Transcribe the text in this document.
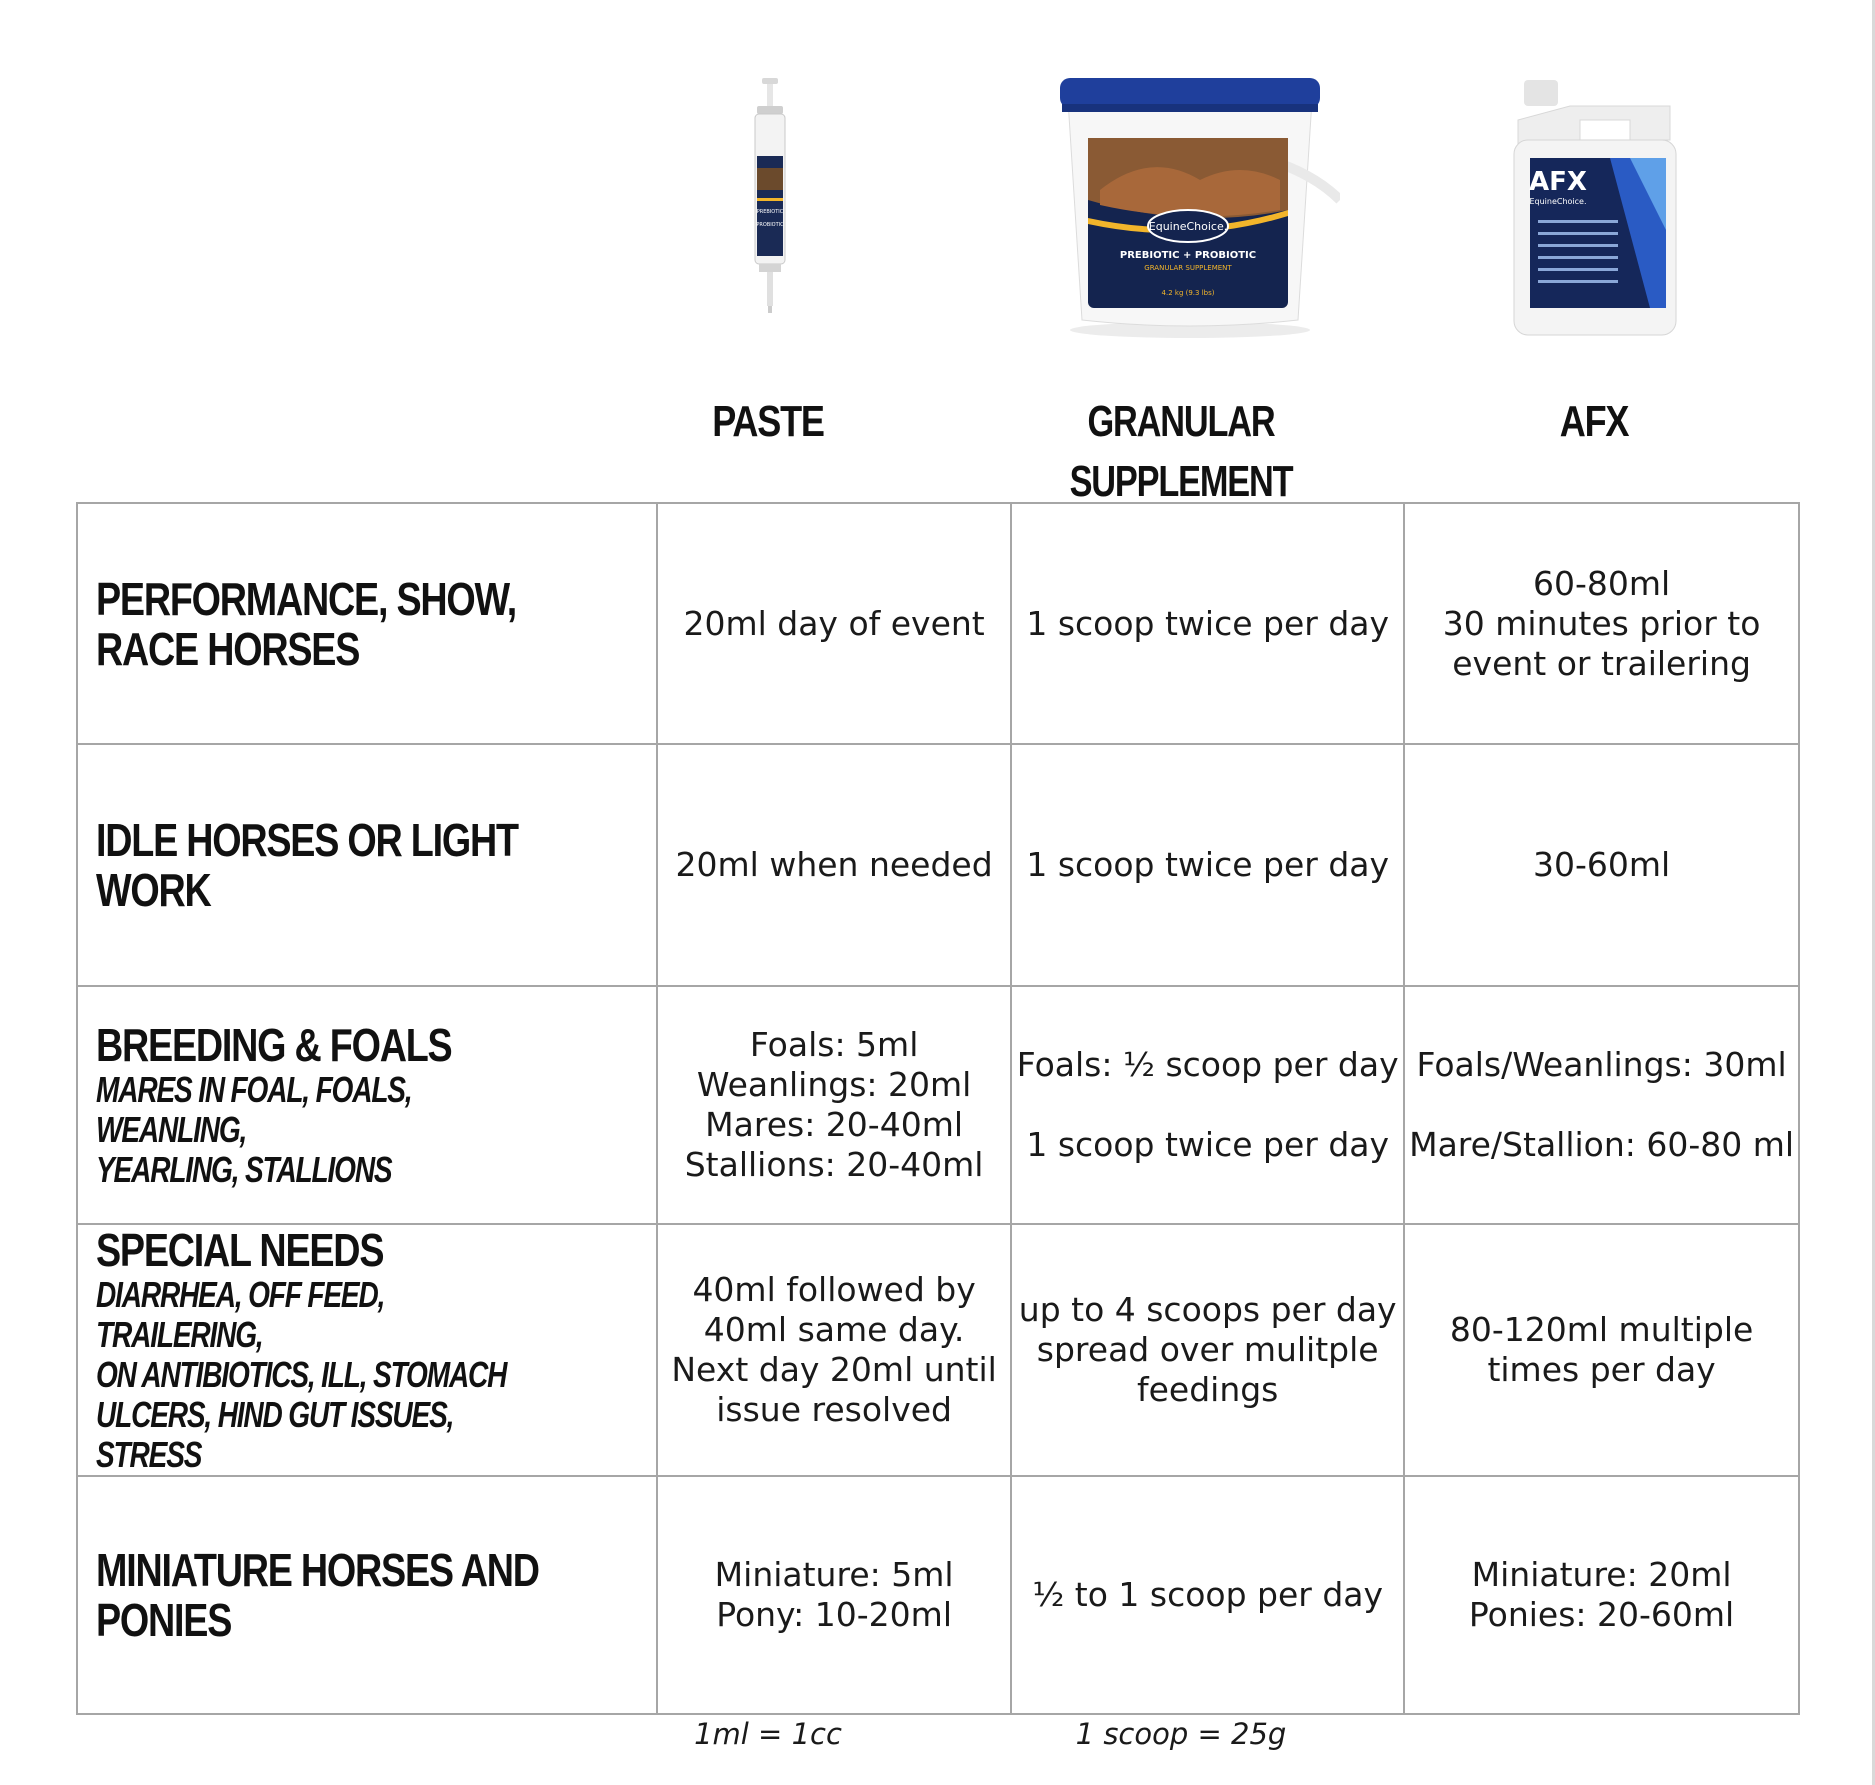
PREBIOTIC
PROBIOTIC	EquineChoice.
PREBIOTIC + PROBIOTIC
GRANULAR SUPPLEMENT
4.2 kg (9.3 lbs)
AFX
EquineChoice.
PASTE	GRANULAR SUPPLEMENT
AFX
PERFORMANCE, SHOW,
RACE HORSES	20ml day of event	1 scoop twice per day	60-80ml
30 minutes prior to
event or trailering

IDLE HORSES OR LIGHT
WORK	20ml when needed	1 scoop twice per day	30-60ml

BREEDING & FOALS
MARES IN FOAL, FOALS, WEANLING,
YEARLING, STALLIONS	Foals: 5ml
Weanlings: 20ml
Mares: 20-40ml
Stallions: 20-40ml	Foals: ½ scoop per day
1 scoop twice per day	Foals/Weanlings: 30ml
Mare/Stallion: 60-80 ml

SPECIAL NEEDS
DIARRHEA, OFF FEED, TRAILERING,
ON ANTIBIOTICS, ILL, STOMACH
ULCERS, HIND GUT ISSUES, STRESS	40ml followed by
40ml same day.
Next day 20ml until
issue resolved	up to 4 scoops per day
spread over mulitple
feedings	80-120ml multiple
times per day

MINIATURE HORSES AND
PONIES	Miniature: 5ml
Pony: 10-20ml	½ to 1 scoop per day	Miniature: 20ml
Ponies: 20-60ml
1ml = 1cc	1 scoop = 25g
